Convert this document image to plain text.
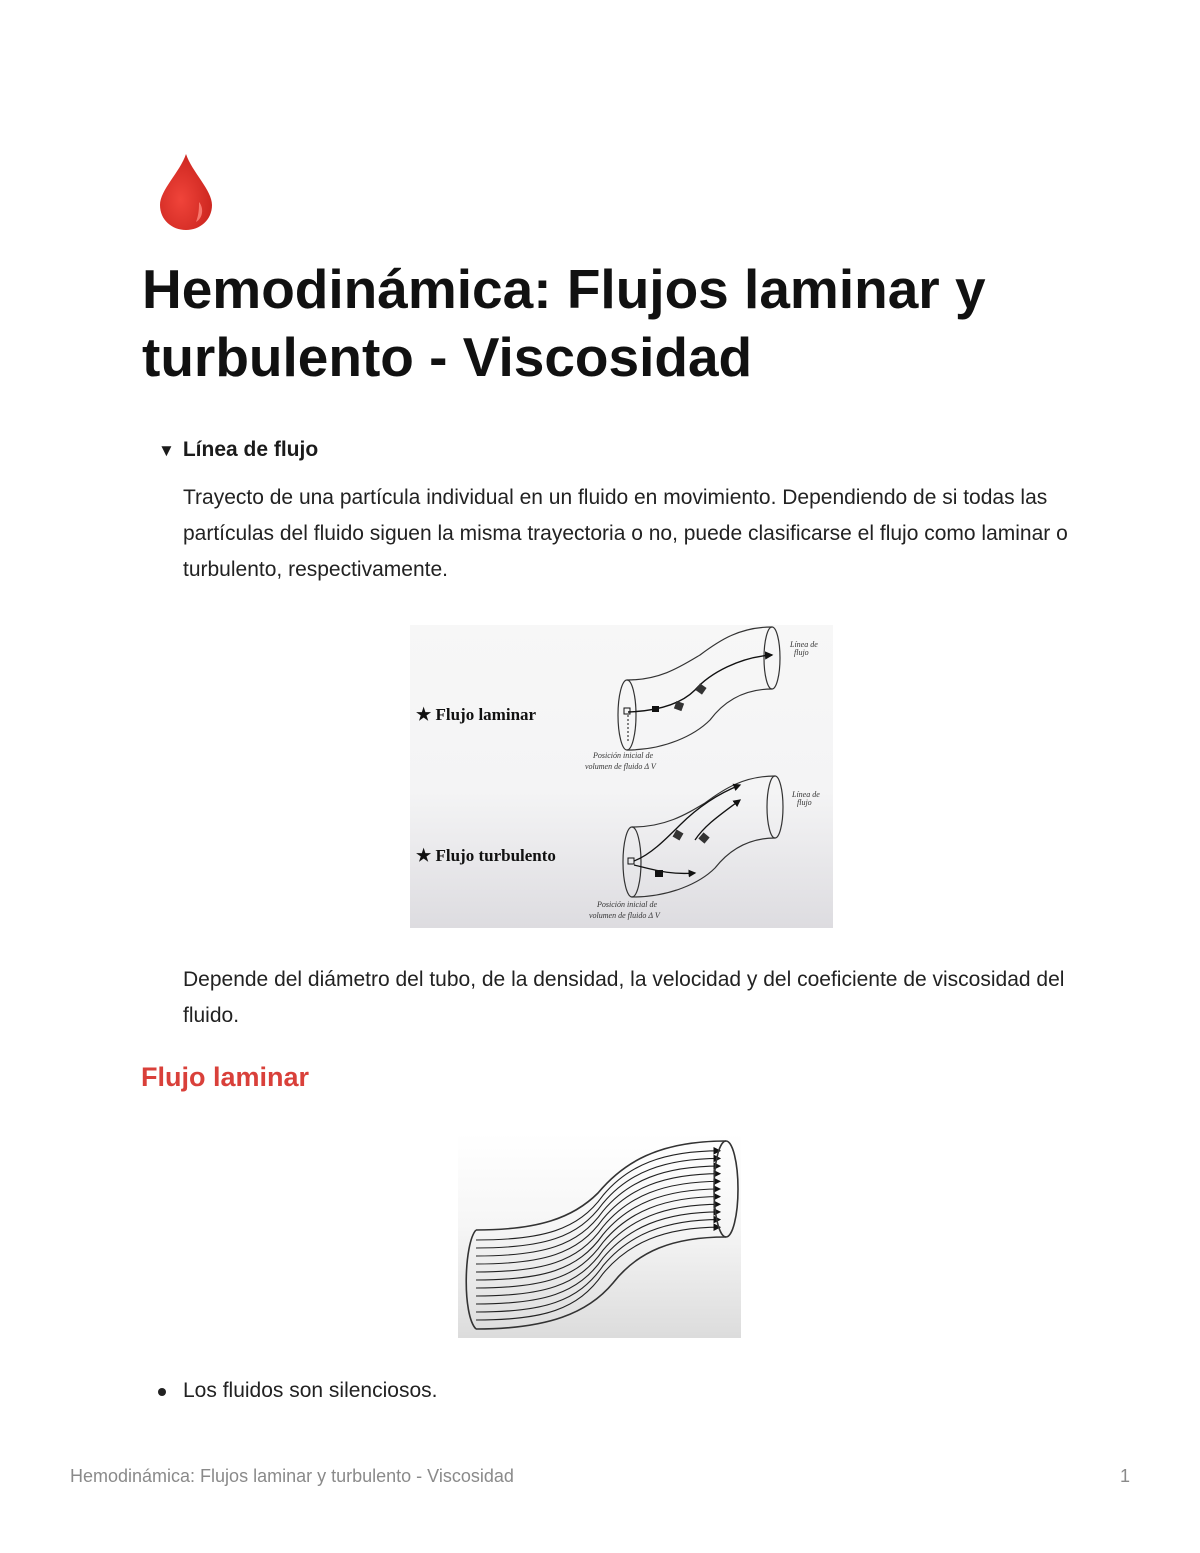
Hemodinámica: Flujos laminar y turbulento - Viscosidad
▼ Línea de flujo

Trayecto de una partícula individual en un fluido en movimiento. Dependiendo de si todas las partículas del fluido siguen la misma trayectoria o no, puede clasificarse el flujo como laminar o turbulento, respectivamente.

★ Flujo laminar
Línea de
flujo
Posición inicial de
volumen de fluido Δ V
★ Flujo turbulento
Línea de
flujo
Posición inicial de
volumen de fluido Δ V

Depende del diámetro del tubo, de la densidad, la velocidad y del coeficiente de viscosidad del fluido.

Flujo laminar
Los fluidos son silenciosos.
Hemodinámica: Flujos laminar y turbulento - Viscosidad	1
